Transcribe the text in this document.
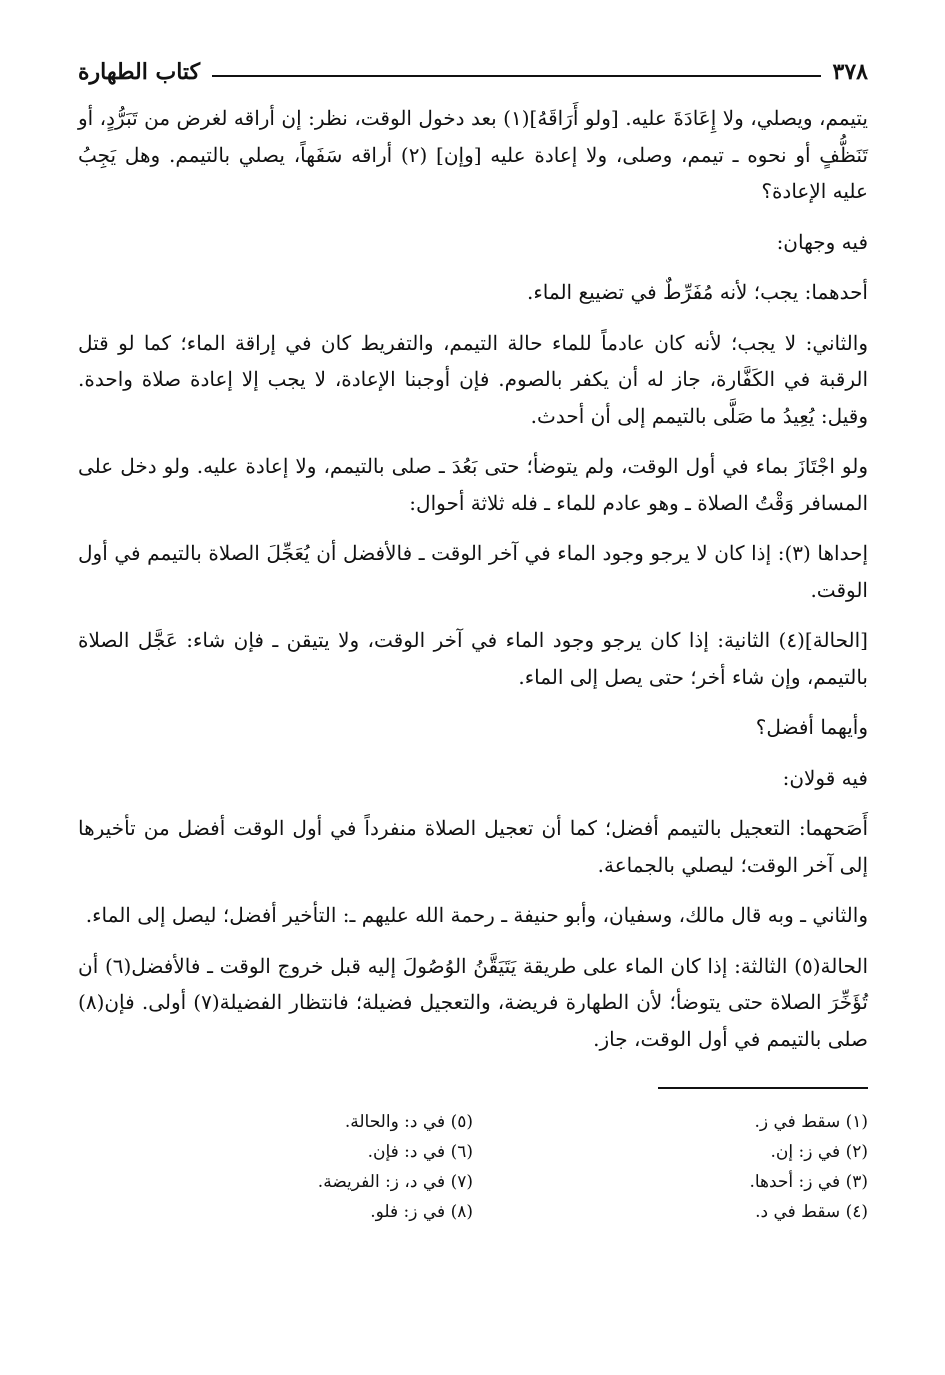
٣٧٨
كتاب الطهارة

يتيمم، ويصلي، ولا إِعَادَةَ عليه. [ولو أَرَاقَهُ](١) بعد دخول الوقت، نظر: إن أراقه لغرض من تَبَرُّدٍ، أو تَنَظُّفٍ أو نحوه ـ تيمم، وصلى، ولا إعادة عليه [وإن] (٢) أراقه سَفَهاً، يصلي بالتيمم. وهل يَجِبُ عليه الإعادة؟

فيه وجهان:

أحدهما: يجب؛ لأنه مُفَرِّطٌ في تضييع الماء.

والثاني: لا يجب؛ لأنه كان عادماً للماء حالة التيمم، والتفريط كان في إراقة الماء؛ كما لو قتل الرقبة في الكَفَّارة، جاز له أن يكفر بالصوم. فإن أوجبنا الإعادة، لا يجب إلا إعادة صلاة واحدة. وقيل: يُعِيدُ ما صَلَّى بالتيمم إلى أن أحدث.

ولو اجْتَازَ بماء في أول الوقت، ولم يتوضأ؛ حتى بَعُدَ ـ صلى بالتيمم، ولا إعادة عليه. ولو دخل على المسافر وَقْتُ الصلاة ـ وهو عادم للماء ـ فله ثلاثة أحوال:

إحداها (٣): إذا كان لا يرجو وجود الماء في آخر الوقت ـ فالأفضل أن يُعَجِّلَ الصلاة بالتيمم في أول الوقت.

[الحالة](٤) الثانية: إذا كان يرجو وجود الماء في آخر الوقت، ولا يتيقن ـ فإن شاء: عَجَّل الصلاة بالتيمم، وإن شاء أخر؛ حتى يصل إلى الماء.

وأيهما أفضل؟

فيه قولان:

أَصَحهما: التعجيل بالتيمم أفضل؛ كما أن تعجيل الصلاة منفرداً في أول الوقت أفضل من تأخيرها إلى آخر الوقت؛ ليصلي بالجماعة.

والثاني ـ وبه قال مالك، وسفيان، وأبو حنيفة ـ رحمة الله عليهم ـ: التأخير أفضل؛ ليصل إلى الماء.

الحالة(٥) الثالثة: إذا كان الماء على طريقة يَتَيَقَّنُ الوُصُولَ إليه قبل خروج الوقت ـ فالأفضل(٦) أن تُؤَخِّرَ الصلاة حتى يتوضأ؛ لأن الطهارة فريضة، والتعجيل فضيلة؛ فانتظار الفضيلة(٧) أولى. فإن(٨) صلى بالتيمم في أول الوقت، جاز.

(١) سقط في ز.
(٢) في ز: إن.
(٣) في ز: أحدها.
(٤) سقط في د.
(٥) في د: والحالة.
(٦) في د: فإن.
(٧) في د، ز: الفريضة.
(٨) في ز: فلو.
